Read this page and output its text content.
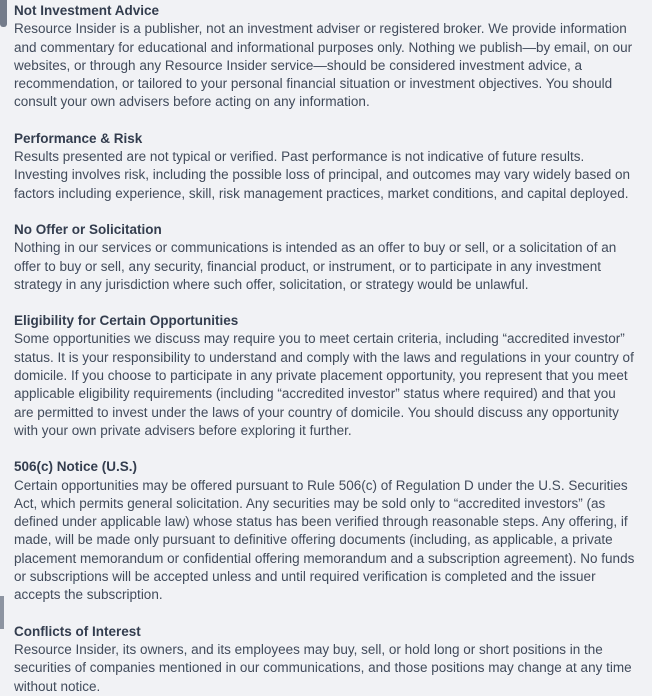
Not Investment Advice

Resource Insider is a publisher, not an investment adviser or registered broker. We provide information and commentary for educational and informational purposes only. Nothing we publish—by email, on our websites, or through any Resource Insider service—should be considered investment advice, a recommendation, or tailored to your personal financial situation or investment objectives. You should consult your own advisers before acting on any information.

Performance & Risk

Results presented are not typical or verified. Past performance is not indicative of future results. Investing involves risk, including the possible loss of principal, and outcomes may vary widely based on factors including experience, skill, risk management practices, market conditions, and capital deployed.

No Offer or Solicitation

Nothing in our services or communications is intended as an offer to buy or sell, or a solicitation of an offer to buy or sell, any security, financial product, or instrument, or to participate in any investment strategy in any jurisdiction where such offer, solicitation, or strategy would be unlawful.

Eligibility for Certain Opportunities

Some opportunities we discuss may require you to meet certain criteria, including “accredited investor” status. It is your responsibility to understand and comply with the laws and regulations in your country of domicile. If you choose to participate in any private placement opportunity, you represent that you meet applicable eligibility requirements (including “accredited investor” status where required) and that you are permitted to invest under the laws of your country of domicile. You should discuss any opportunity with your own private advisers before exploring it further.

506(c) Notice (U.S.)

Certain opportunities may be offered pursuant to Rule 506(c) of Regulation D under the U.S. Securities Act, which permits general solicitation. Any securities may be sold only to “accredited investors” (as defined under applicable law) whose status has been verified through reasonable steps. Any offering, if made, will be made only pursuant to definitive offering documents (including, as applicable, a private placement memorandum or confidential offering memorandum and a subscription agreement). No funds or subscriptions will be accepted unless and until required verification is completed and the issuer accepts the subscription.

Conflicts of Interest

Resource Insider, its owners, and its employees may buy, sell, or hold long or short positions in the securities of companies mentioned in our communications, and those positions may change at any time without notice.
